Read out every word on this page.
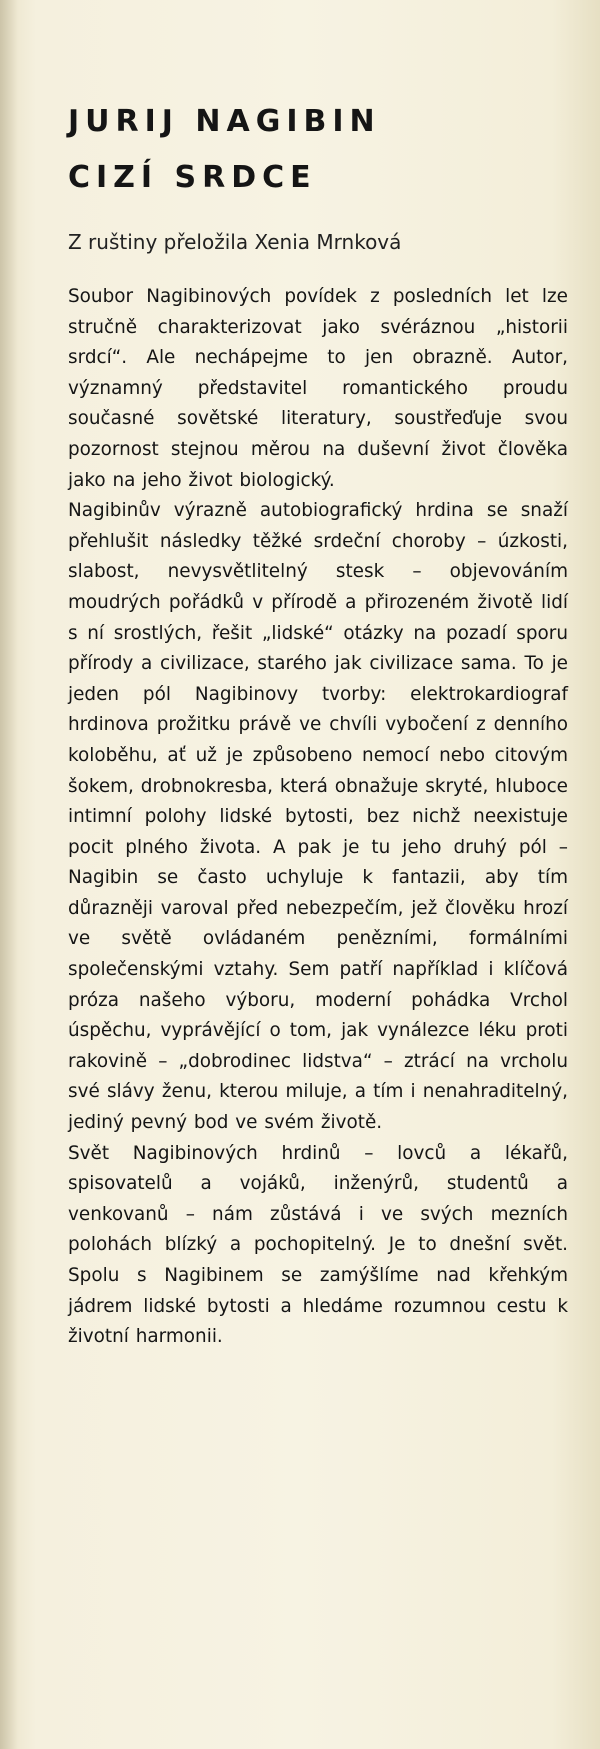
JURIJ NAGIBIN
CIZÍ SRDCE
Z ruštiny přeložila Xenia Mrnková

Soubor Nagibinových povídek z posledních let lze stručně charakterizovat jako svéráznou „historii srdcí“. Ale nechápejme to jen obrazně. Autor, významný představitel romantického proudu současné sovětské literatury, soustřeďuje svou pozornost stejnou měrou na duševní život člověka jako na jeho život biologický.

Nagibinův výrazně autobiografický hrdina se snaží přehlušit následky těžké srdeční choroby – úzkosti, slabost, nevysvětlitelný stesk – objevováním moudrých pořádků v přírodě a přirozeném životě lidí s ní srostlých, řešit „lidské“ otázky na pozadí sporu přírody a civilizace, starého jak civilizace sama. To je jeden pól Nagibinovy tvorby: elektrokardiograf hrdinova prožitku právě ve chvíli vybočení z denního koloběhu, ať už je způsobeno nemocí nebo citovým šokem, drobnokresba, která obnažuje skryté, hluboce intimní polohy lidské bytosti, bez nichž neexistuje pocit plného života. A pak je tu jeho druhý pól – Nagibin se často uchyluje k fantazii, aby tím důrazněji varoval před nebezpečím, jež člověku hrozí ve světě ovládaném penězními, formálními společenskými vztahy. Sem patří například i klíčová próza našeho výboru, moderní pohádka Vrchol úspěchu, vyprávějící o tom, jak vynálezce léku proti rakovině – „dobrodinec lidstva“ – ztrácí na vrcholu své slávy ženu, kterou miluje, a tím i nenahraditelný, jediný pevný bod ve svém životě.

Svět Nagibinových hrdinů – lovců a lékařů, spisovatelů a vojáků, inženýrů, studentů a venkovanů – nám zůstává i ve svých mezních polohách blízký a pochopitelný. Je to dnešní svět. Spolu s Nagibinem se zamýšlíme nad křehkým jádrem lidské bytosti a hledáme rozumnou cestu k životní harmonii.
